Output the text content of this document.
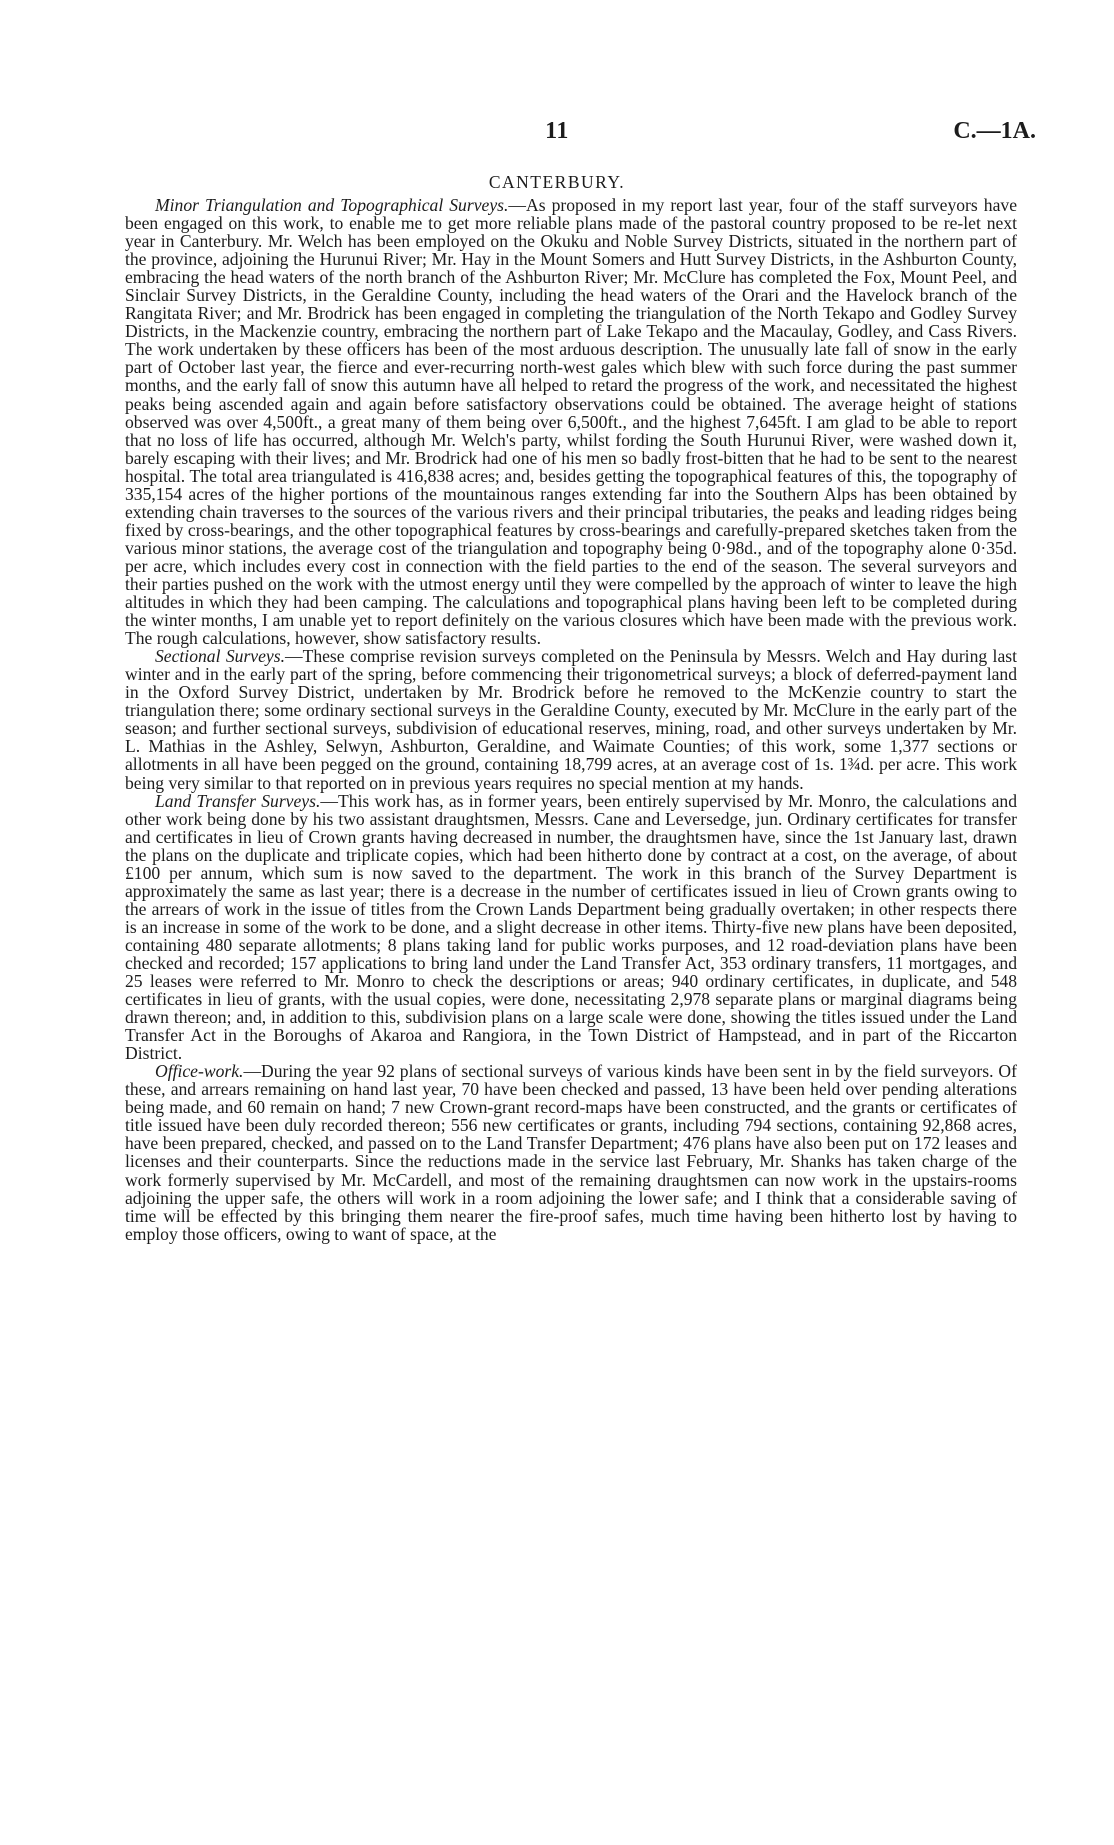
11	C.—1A.
CANTERBURY.

Minor Triangulation and Topographical Surveys.—As proposed in my report last year, four of the staff surveyors have been engaged on this work, to enable me to get more reliable plans made of the pastoral country proposed to be re-let next year in Canterbury. Mr. Welch has been employed on the Okuku and Noble Survey Districts, situated in the northern part of the province, adjoining the Hurunui River; Mr. Hay in the Mount Somers and Hutt Survey Districts, in the Ashburton County, embracing the head waters of the north branch of the Ashburton River; Mr. McClure has completed the Fox, Mount Peel, and Sinclair Survey Districts, in the Geraldine County, including the head waters of the Orari and the Havelock branch of the Rangitata River; and Mr. Brodrick has been engaged in completing the triangulation of the North Tekapo and Godley Survey Districts, in the Mackenzie country, embracing the northern part of Lake Tekapo and the Macaulay, Godley, and Cass Rivers. The work undertaken by these officers has been of the most arduous description. The unusually late fall of snow in the early part of October last year, the fierce and ever-recurring north-west gales which blew with such force during the past summer months, and the early fall of snow this autumn have all helped to retard the progress of the work, and necessitated the highest peaks being ascended again and again before satisfactory observations could be obtained. The average height of stations observed was over 4,500ft., a great many of them being over 6,500ft., and the highest 7,645ft. I am glad to be able to report that no loss of life has occurred, although Mr. Welch's party, whilst fording the South Hurunui River, were washed down it, barely escaping with their lives; and Mr. Brodrick had one of his men so badly frost-bitten that he had to be sent to the nearest hospital. The total area triangulated is 416,838 acres; and, besides getting the topographical features of this, the topography of 335,154 acres of the higher portions of the mountainous ranges extending far into the Southern Alps has been obtained by extending chain traverses to the sources of the various rivers and their principal tributaries, the peaks and leading ridges being fixed by cross-bearings, and the other topographical features by cross-bearings and carefully-prepared sketches taken from the various minor stations, the average cost of the triangulation and topography being 0·98d., and of the topography alone 0·35d. per acre, which includes every cost in connection with the field parties to the end of the season. The several surveyors and their parties pushed on the work with the utmost energy until they were compelled by the approach of winter to leave the high altitudes in which they had been camping. The calculations and topographical plans having been left to be completed during the winter months, I am unable yet to report definitely on the various closures which have been made with the previous work. The rough calculations, however, show satisfactory results.

Sectional Surveys.—These comprise revision surveys completed on the Peninsula by Messrs. Welch and Hay during last winter and in the early part of the spring, before commencing their trigonometrical surveys; a block of deferred-payment land in the Oxford Survey District, undertaken by Mr. Brodrick before he removed to the McKenzie country to start the triangulation there; some ordinary sectional surveys in the Geraldine County, executed by Mr. McClure in the early part of the season; and further sectional surveys, subdivision of educational reserves, mining, road, and other surveys undertaken by Mr. L. Mathias in the Ashley, Selwyn, Ashburton, Geraldine, and Waimate Counties; of this work, some 1,377 sections or allotments in all have been pegged on the ground, containing 18,799 acres, at an average cost of 1s. 1¾d. per acre. This work being very similar to that reported on in previous years requires no special mention at my hands.

Land Transfer Surveys.—This work has, as in former years, been entirely supervised by Mr. Monro, the calculations and other work being done by his two assistant draughtsmen, Messrs. Cane and Leversedge, jun. Ordinary certificates for transfer and certificates in lieu of Crown grants having decreased in number, the draughtsmen have, since the 1st January last, drawn the plans on the duplicate and triplicate copies, which had been hitherto done by contract at a cost, on the average, of about £100 per annum, which sum is now saved to the department. The work in this branch of the Survey Department is approximately the same as last year; there is a decrease in the number of certificates issued in lieu of Crown grants owing to the arrears of work in the issue of titles from the Crown Lands Department being gradually overtaken; in other respects there is an increase in some of the work to be done, and a slight decrease in other items. Thirty-five new plans have been deposited, containing 480 separate allotments; 8 plans taking land for public works purposes, and 12 road-deviation plans have been checked and recorded; 157 applications to bring land under the Land Transfer Act, 353 ordinary transfers, 11 mortgages, and 25 leases were referred to Mr. Monro to check the descriptions or areas; 940 ordinary certificates, in duplicate, and 548 certificates in lieu of grants, with the usual copies, were done, necessitating 2,978 separate plans or marginal diagrams being drawn thereon; and, in addition to this, subdivision plans on a large scale were done, showing the titles issued under the Land Transfer Act in the Boroughs of Akaroa and Rangiora, in the Town District of Hampstead, and in part of the Riccarton District.

Office-work.—During the year 92 plans of sectional surveys of various kinds have been sent in by the field surveyors. Of these, and arrears remaining on hand last year, 70 have been checked and passed, 13 have been held over pending alterations being made, and 60 remain on hand; 7 new Crown-grant record-maps have been constructed, and the grants or certificates of title issued have been duly recorded thereon; 556 new certificates or grants, including 794 sections, containing 92,868 acres, have been prepared, checked, and passed on to the Land Transfer Department; 476 plans have also been put on 172 leases and licenses and their counterparts. Since the reductions made in the service last February, Mr. Shanks has taken charge of the work formerly supervised by Mr. McCardell, and most of the remaining draughtsmen can now work in the upstairs-rooms adjoining the upper safe, the others will work in a room adjoining the lower safe; and I think that a considerable saving of time will be effected by this bringing them nearer the fire-proof safes, much time having been hitherto lost by having to employ those officers, owing to want of space, at the
